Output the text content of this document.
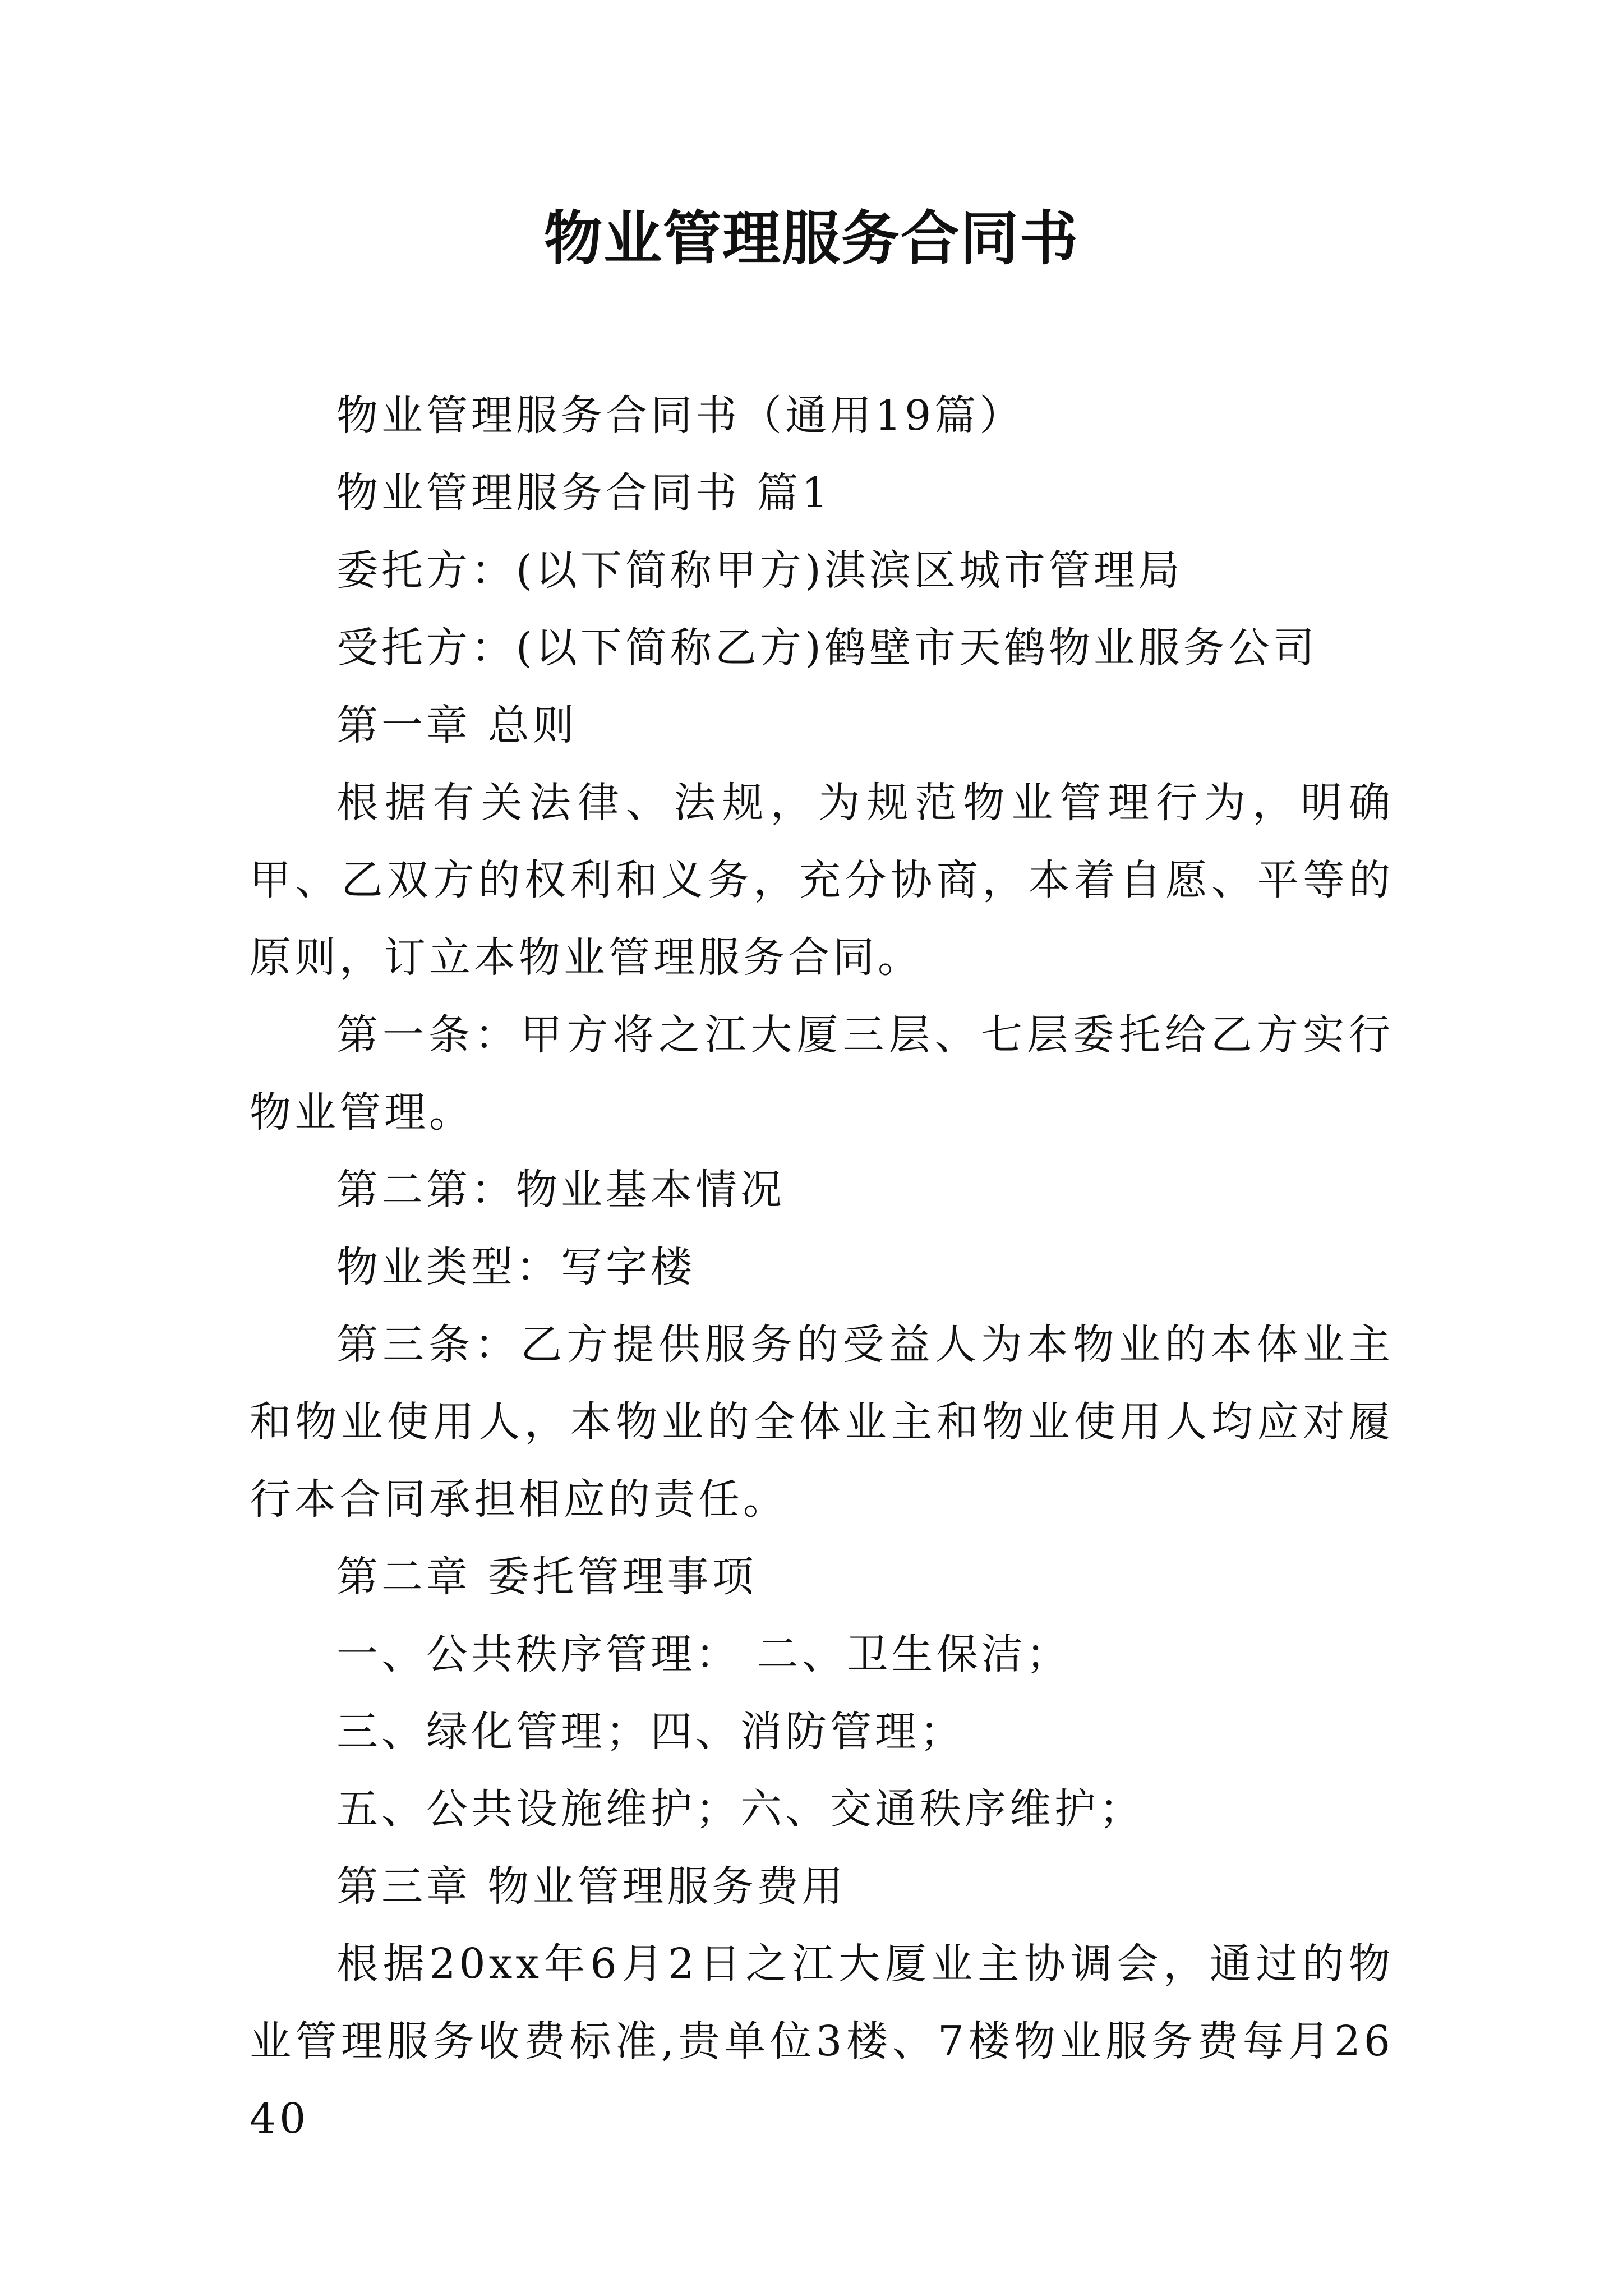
物业管理服务合同书

物业管理服务合同书（通用19篇）

物业管理服务合同书 篇1

委托方：(以下简称甲方)淇滨区城市管理局

受托方：(以下简称乙方)鹤壁市天鹤物业服务公司

第一章 总则

根据有关法律、法规，为规范物业管理行为，明确甲、乙双方的权利和义务，充分协商，本着自愿、平等的原则，订立本物业管理服务合同。

第一条：甲方将之江大厦三层、七层委托给乙方实行物业管理。

第二第：物业基本情况

物业类型：写字楼

第三条：乙方提供服务的受益人为本物业的本体业主和物业使用人，本物业的全体业主和物业使用人均应对履行本合同承担相应的责任。

第二章 委托管理事项

一、公共秩序管理： 二、卫生保洁；

三、绿化管理；四、消防管理；

五、公共设施维护；六、交通秩序维护；

第三章 物业管理服务费用

根据20xx年6月2日之江大厦业主协调会，通过的物业管理服务收费标准,贵单位3楼、7楼物业服务费每月2640
